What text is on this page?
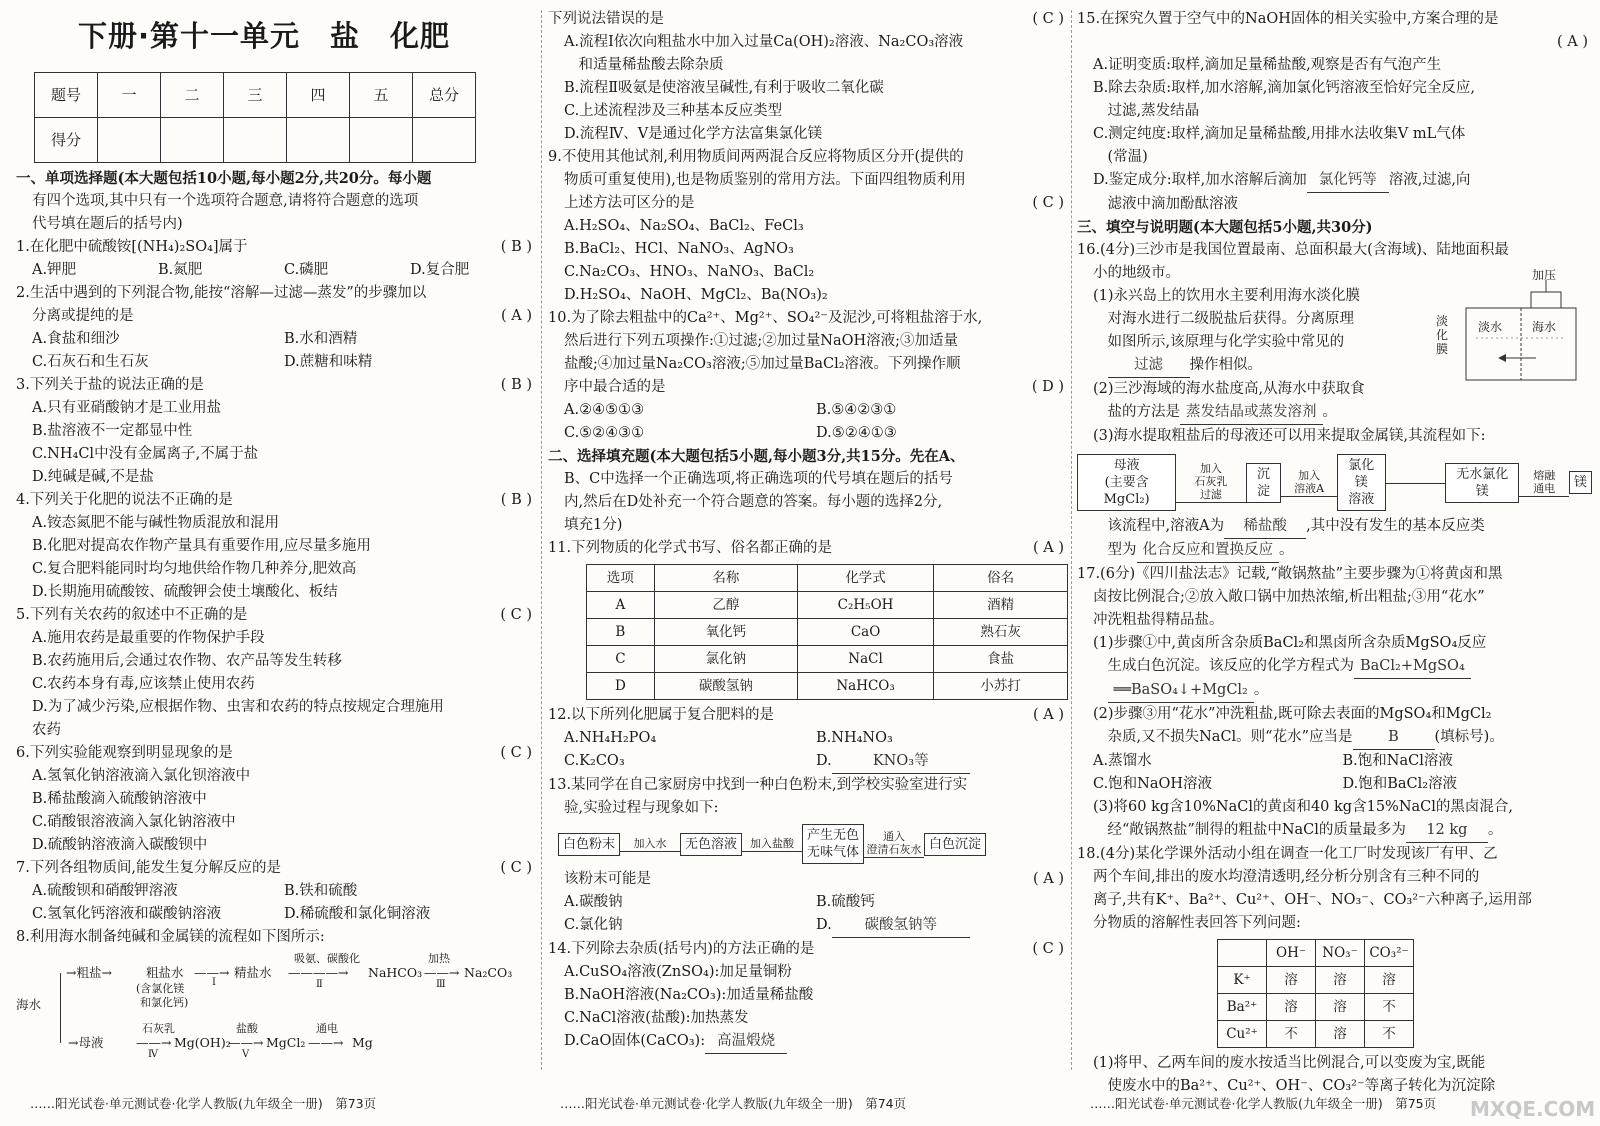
下册·第十一单元　盐　化肥
题号	一	二	三	四	五	总分
得分						
一、单项选择题(本大题包括10小题,每小题2分,共20分。每小题
有四个选项,其中只有一个选项符合题意,请将符合题意的选项
代号填在题后的括号内)
1.在化肥中硫酸铵[(NH₄)₂SO₄]属于	( B )
A.钾肥	B.氮肥	C.磷肥	D.复合肥
2.生活中遇到的下列混合物,能按“溶解—过滤—蒸发”的步骤加以
分离或提纯的是	( A )
A.食盐和细沙	B.水和酒精
C.石灰石和生石灰	D.蔗糖和味精
3.下列关于盐的说法正确的是	( B )
A.只有亚硝酸钠才是工业用盐
B.盐溶液不一定都显中性
C.NH₄Cl中没有金属离子,不属于盐
D.纯碱是碱,不是盐
4.下列关于化肥的说法不正确的是	( B )
A.铵态氮肥不能与碱性物质混放和混用
B.化肥对提高农作物产量具有重要作用,应尽量多施用
C.复合肥料能同时均匀地供给作物几种养分,肥效高
D.长期施用硫酸铵、硫酸钾会使土壤酸化、板结
5.下列有关农药的叙述中不正确的是	( C )
A.施用农药是最重要的作物保护手段
B.农药施用后,会通过农作物、农产品等发生转移
C.农药本身有毒,应该禁止使用农药
D.为了减少污染,应根据作物、虫害和农药的特点按规定合理施用
农药
6.下列实验能观察到明显现象的是	( C )
A.氢氧化钠溶液滴入氯化钡溶液中
B.稀盐酸滴入硫酸钠溶液中
C.硝酸银溶液滴入氯化钠溶液中
D.硫酸钠溶液滴入碳酸钡中
7.下列各组物质间,能发生复分解反应的是	( C )
A.硫酸钡和硝酸钾溶液	B.铁和硫酸
C.氢氧化钙溶液和碳酸钠溶液	D.稀硫酸和氯化铜溶液
8.利用海水制备纯碱和金属镁的流程如下图所示:
海水
→粗盐→	粗盐水
(含氯化镁
和氯化钙)
——→
Ⅰ
精盐水
吸氨、碳酸化
————→
Ⅱ
NaHCO₃
加热
——→
Ⅲ
Na₂CO₃
→母液
石灰乳
——→
Ⅳ
Mg(OH)₂
盐酸
——→
Ⅴ
MgCl₂
通电
——→ Mg
下列说法错误的是	( C )
A.流程Ⅰ依次向粗盐水中加入过量Ca(OH)₂溶液、Na₂CO₃溶液
　和适量稀盐酸去除杂质
B.流程Ⅱ吸氨是使溶液呈碱性,有利于吸收二氧化碳
C.上述流程涉及三种基本反应类型
D.流程Ⅳ、Ⅴ是通过化学方法富集氯化镁
9.不使用其他试剂,利用物质间两两混合反应将物质区分开(提供的
物质可重复使用),也是物质鉴别的常用方法。下面四组物质利用
上述方法可区分的是	( C )
A.H₂SO₄、Na₂SO₄、BaCl₂、FeCl₃
B.BaCl₂、HCl、NaNO₃、AgNO₃
C.Na₂CO₃、HNO₃、NaNO₃、BaCl₂
D.H₂SO₄、NaOH、MgCl₂、Ba(NO₃)₂
10.为了除去粗盐中的Ca²⁺、Mg²⁺、SO₄²⁻及泥沙,可将粗盐溶于水,
然后进行下列五项操作:①过滤;②加过量NaOH溶液;③加适量
盐酸;④加过量Na₂CO₃溶液;⑤加过量BaCl₂溶液。下列操作顺
序中最合适的是	( D )
A.②④⑤①③	B.⑤④②③①
C.⑤②④③①	D.⑤②④①③
二、选择填充题(本大题包括5小题,每小题3分,共15分。先在A、
B、C中选择一个正确选项,将正确选项的代号填在题后的括号
内,然后在D处补充一个符合题意的答案。每小题的选择2分,
填充1分)
11.下列物质的化学式书写、俗名都正确的是	( A )
选项	名称	化学式	俗名
A	乙醇	C₂H₅OH	酒精
B	氧化钙	CaO	熟石灰
C	氯化钠	NaCl	食盐
D	碳酸氢钠	NaHCO₃	小苏打
12.以下所列化肥属于复合肥料的是	( A )
A.NH₄H₂PO₄	B.NH₄NO₃
C.K₂CO₃	D.	KNO₃等
13.某同学在自己家厨房中找到一种白色粉末,到学校实验室进行实
验,实验过程与现象如下:
白色粉末	加入水	无色溶液	加入盐酸	产生无色
无味气体
通入
澄清石灰水 白色沉淀
该粉末可能是	( A )
A.碳酸钠	B.硫酸钙
C.氯化钠	D. 碳酸氢钠等
14.下列除去杂质(括号内)的方法正确的是	( C )
A.CuSO₄溶液(ZnSO₄):加足量铜粉
B.NaOH溶液(Na₂CO₃):加适量稀盐酸
C.NaCl溶液(盐酸):加热蒸发
D.CaO固体(CaCO₃): 高温煅烧
15.在探究久置于空气中的NaOH固体的相关实验中,方案合理的是

( A )
A.证明变质:取样,滴加足量稀盐酸,观察是否有气泡产生
B.除去杂质:取样,加水溶解,滴加氯化钙溶液至恰好完全反应,
　过滤,蒸发结晶
C.测定纯度:取样,滴加足量稀盐酸,用排水法收集V mL气体
　(常温)
D.鉴定成分:取样,加水溶解后滴加 氯化钙等 溶液,过滤,向
　滤液中滴加酚酞溶液
三、填空与说明题(本大题包括5小题,共30分)
16.(4分)三沙市是我国位置最南、总面积最大(含海域)、陆地面积最
小的地级市。
(1)永兴岛上的饮用水主要利用海水淡化膜
　对海水进行二级脱盐后获得。分离原理
　如图所示,该原理与化学实验中常见的
　过滤 操作相似。
(2)三沙海域的海水盐度高,从海水中获取食
　盐的方法是 蒸发结晶或蒸发溶剂 。
(3)海水提取粗盐后的母液还可以用来提取金属镁,其流程如下:
加压
淡化膜
淡水 海水
母液
(主要含MgCl₂)
加入
石灰乳
过滤
沉淀
加入
溶液A
氯化镁
溶液
无水氯化镁
熔融
通电	镁
　该流程中,溶液A为 稀盐酸 ,其中没有发生的基本反应类
　型为 化合反应和置换反应 。
17.(6分)《四川盐法志》记载,“敞锅熬盐”主要步骤为①将黄卤和黑
卤按比例混合;②放入敞口锅中加热浓缩,析出粗盐;③用“花水”
冲洗粗盐得精品盐。
(1)步骤①中,黄卤所含杂质BaCl₂和黑卤所含杂质MgSO₄反应
　生成白色沉淀。该反应的化学方程式为 BaCl₂+MgSO₄
　══BaSO₄↓+MgCl₂ 。
(2)步骤③用“花水”冲洗粗盐,既可除去表面的MgSO₄和MgCl₂
　杂质,又不损失NaCl。则“花水”应当是 B (填标号)。
A.蒸馏水	B.饱和NaCl溶液
C.饱和NaOH溶液	D.饱和BaCl₂溶液
(3)将60 kg含10%NaCl的黄卤和40 kg含15%NaCl的黑卤混合,
　经“敞锅熬盐”制得的粗盐中NaCl的质量最多为 12 kg 。
18.(4分)某化学课外活动小组在调查一化工厂时发现该厂有甲、乙
两个车间,排出的废水均澄清透明,经分析分别含有三种不同的
离子,共有K⁺、Ba²⁺、Cu²⁺、OH⁻、NO₃⁻、CO₃²⁻六种离子,运用部
分物质的溶解性表回答下列问题:
	OH⁻	NO₃⁻	CO₃²⁻
K⁺	溶	溶	溶
Ba²⁺	溶	溶	不
Cu²⁺	不	溶	不
(1)将甲、乙两车间的废水按适当比例混合,可以变废为宝,既能
　使废水中的Ba²⁺、Cu²⁺、OH⁻、CO₃²⁻等离子转化为沉淀除
……阳光试卷·单元测试卷·化学人教版(九年级全一册)　第73页	……阳光试卷·单元测试卷·化学人教版(九年级全一册)　第74页	……阳光试卷·单元测试卷·化学人教版(九年级全一册)　第75页 MXQE.COM
